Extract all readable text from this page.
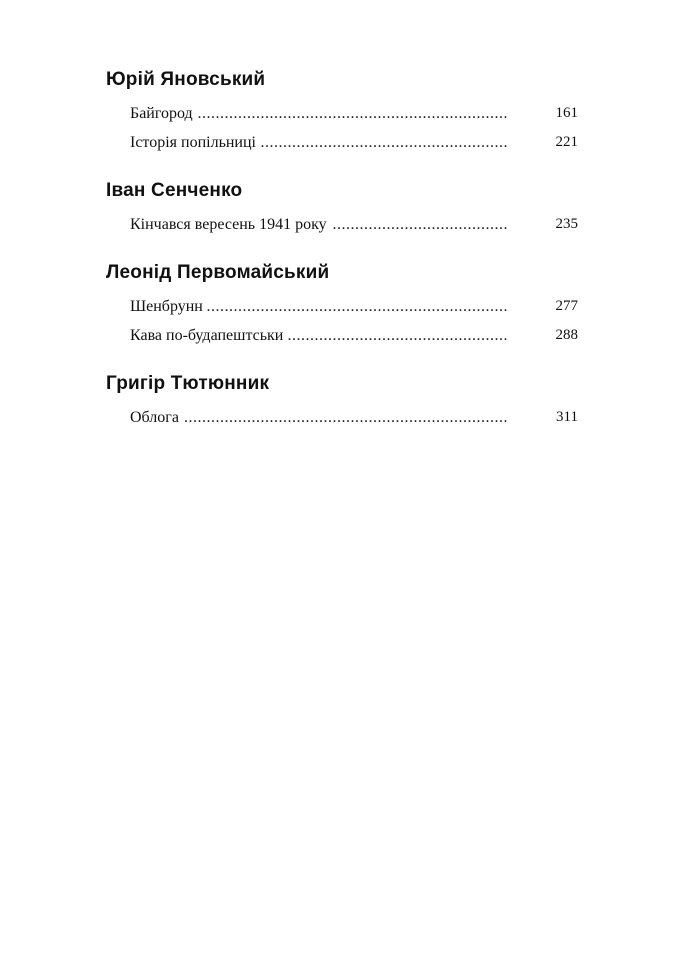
Юрій Яновський
Байгород .....	161
Історія попільниці .....	221
Іван Сенченко
Кінчався вересень 1941 року .....	235
Леонід Первомайський
Шенбрунн .....	277
Кава по-будапештськи .....	288
Григір Тютюнник
Облога .....	311
